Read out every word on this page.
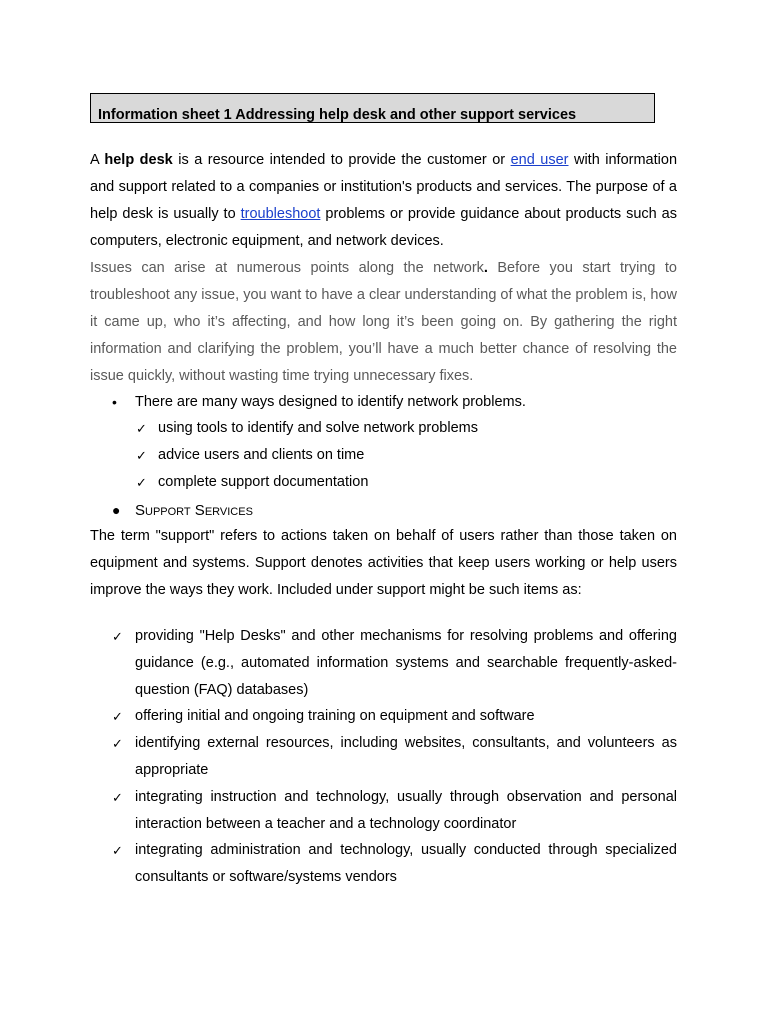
Information sheet 1 Addressing help desk and other support services

A help desk is a resource intended to provide the customer or end user with information and support related to a companies or institution's products and services. The purpose of a help desk is usually to troubleshoot problems or provide guidance about products such as computers, electronic equipment, and network devices.

Issues can arise at numerous points along the network. Before you start trying to troubleshoot any issue, you want to have a clear understanding of what the problem is, how it came up, who it’s affecting, and how long it’s been going on. By gathering the right information and clarifying the problem, you’ll have a much better chance of resolving the issue quickly, without wasting time trying unnecessary fixes.

• There are many ways designed to identify network problems.
✓ using tools to identify and solve network problems
✓ advice users and clients on time
✓ complete support documentation
● Support Services

The term "support" refers to actions taken on behalf of users rather than those taken on equipment and systems. Support denotes activities that keep users working or help users improve the ways they work. Included under support might be such items as:

✓ providing "Help Desks" and other mechanisms for resolving problems and offering guidance (e.g., automated information systems and searchable frequently-asked-question (FAQ) databases)

✓ offering initial and ongoing training on equipment and software

✓ identifying external resources, including websites, consultants, and volunteers as appropriate

✓ integrating instruction and technology, usually through observation and personal interaction between a teacher and a technology coordinator

✓ integrating administration and technology, usually conducted through specialized consultants or software/systems vendors
